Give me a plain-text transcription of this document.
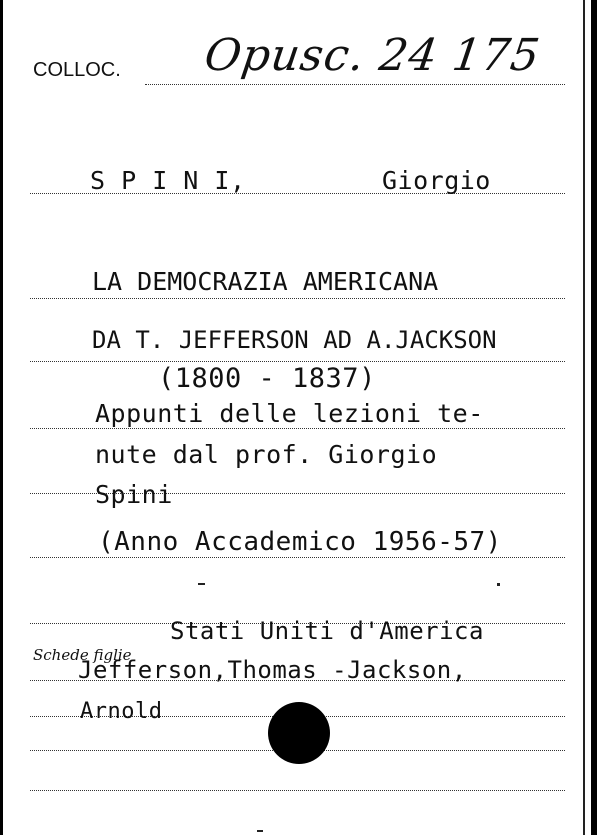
COLLOC. Opusc. 24 175
S P I N I,	Giorgio
LA DEMOCRAZIA AMERICANA
DA T. JEFFERSON AD A.JACKSON
(1800 - 1837)
Appunti delle lezioni te-
nute dal prof. Giorgio
Spini
(Anno Accademico 1956-57)
Stati Uniti d'America
Schede figlie
Jefferson,Thomas -Jackson,
Arnold
